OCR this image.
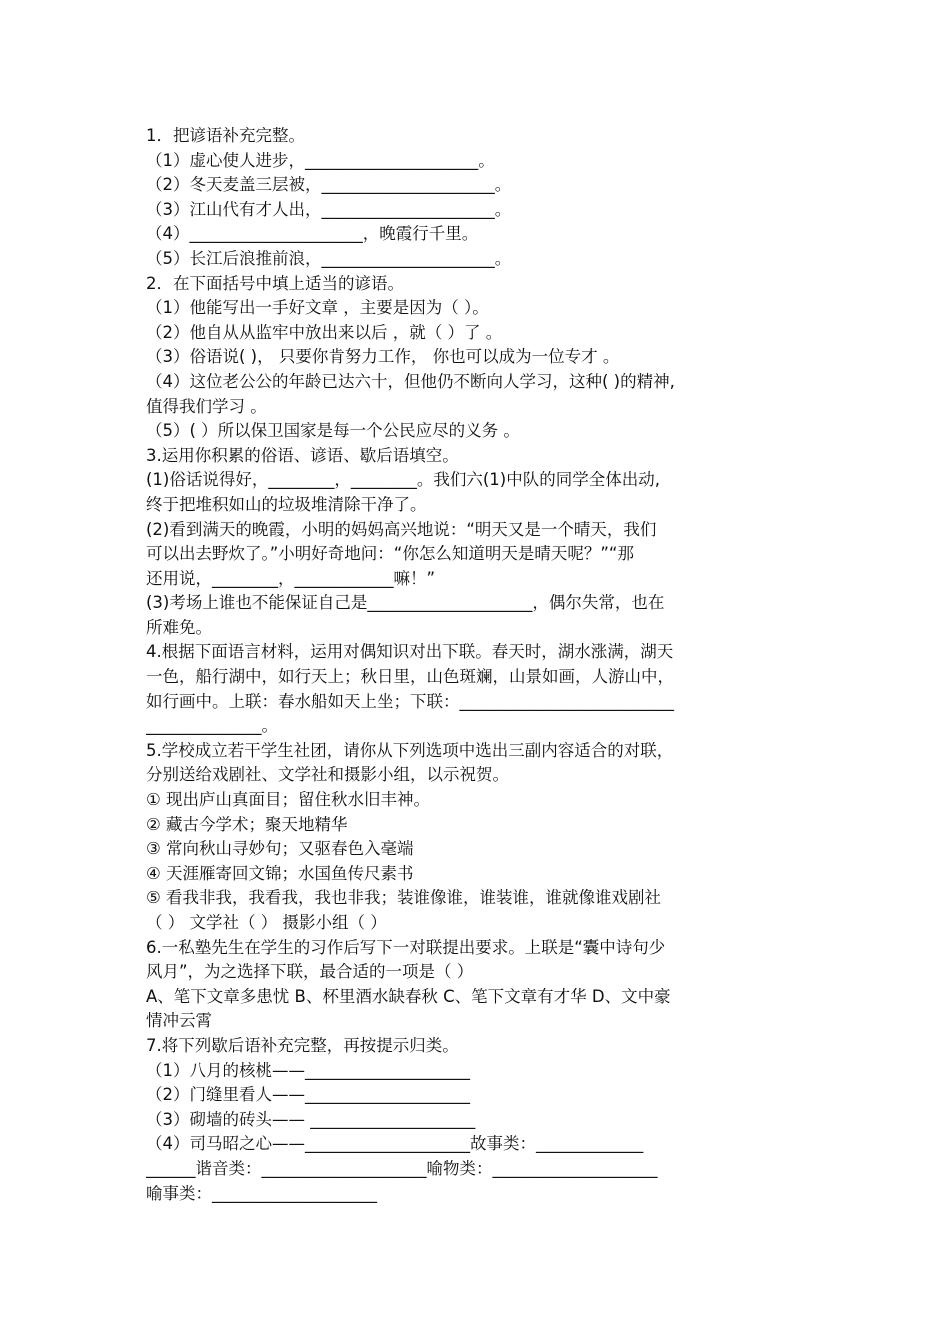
1．把谚语补充完整。
（1）虚心使人进步，_____________________。
（2）冬天麦盖三层被，_____________________。
（3）江山代有才人出，_____________________。
（4）_____________________，晚霞行千里。
（5）长江后浪推前浪，_____________________。
2．在下面括号中填上适当的谚语。
（1）他能写出一手好文章 ，主要是因为（ ）。
（2）他自从从监牢中放出来以后 ，就（ ）了 。
（3）俗语说( )， 只要你肯努力工作， 你也可以成为一位专才 。
（4）这位老公公的年龄已达六十，但他仍不断向人学习，这种( )的精神,
值得我们学习 。
（5）( ）所以保卫国家是每一个公民应尽的义务 。
3.运用你积累的俗语、谚语、歇后语填空。
(1)俗话说得好，________，________。我们六(1)中队的同学全体出动,
终于把堆积如山的垃圾堆清除干净了。
(2)看到满天的晚霞，小明的妈妈高兴地说：“明天又是一个晴天，我们
可以出去野炊了。”小明好奇地问：“你怎么知道明天是晴天呢？”“那
还用说，________，____________嘛！”
(3)考场上谁也不能保证自己是____________________，偶尔失常，也在
所难免。
4.根据下面语言材料，运用对偶知识对出下联。春天时，湖水涨满，湖天
一色，船行湖中，如行天上；秋日里，山色斑斓，山景如画，人游山中，
如行画中。上联：春水船如天上坐；下联：__________________________
______________。
5.学校成立若干学生社团，请你从下列选项中选出三副内容适合的对联，
分别送给戏剧社、文学社和摄影小组，以示祝贺。
① 现出庐山真面目；留住秋水旧丰神。
② 藏古今学术；聚天地精华
③ 常向秋山寻妙句；又驱春色入毫端
④ 天涯雁寄回文锦；水国鱼传尺素书
⑤ 看我非我，我看我，我也非我；装谁像谁，谁装谁，谁就像谁戏剧社
（ ） 文学社（ ） 摄影小组（ ）
6.一私塾先生在学生的习作后写下一对联提出要求。上联是“囊中诗句少
风月”，为之选择下联，最合适的一项是（ ）
A、笔下文章多患忧 B、杯里酒水缺春秋 C、笔下文章有才华 D、文中豪
情冲云霄
7.将下列歇后语补充完整，再按提示归类。
（1）八月的核桃——____________________
（2）门缝里看人——____________________
（3）砌墙的砖头—— ____________________
（4）司马昭之心——____________________故事类：_____________
______谐音类：____________________喻物类：____________________
喻事类：____________________
